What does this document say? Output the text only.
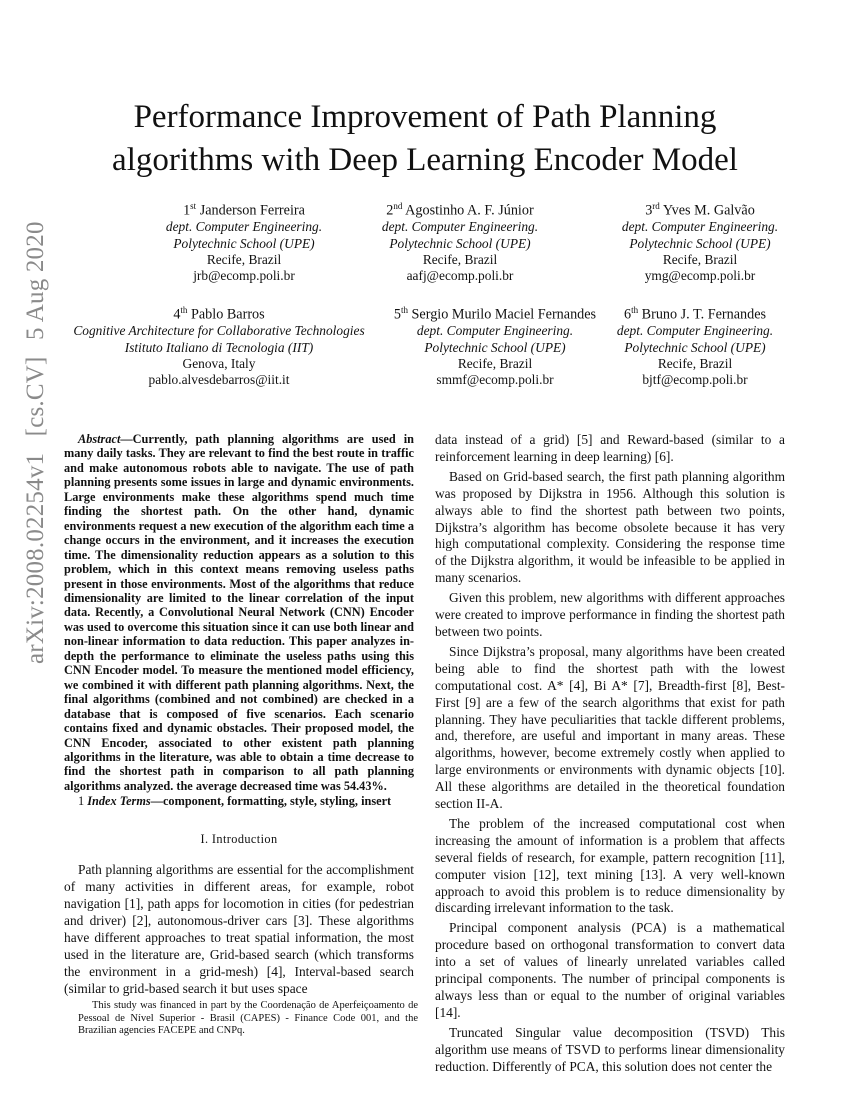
arXiv:2008.02254v1 [cs.CV] 5 Aug 2020
Performance Improvement of Path Planning
algorithms with Deep Learning Encoder Model
1st Janderson Ferreira
dept. Computer Engineering.
Polytechnic School (UPE)
Recife, Brazil
jrb@ecomp.poli.br
2nd Agostinho A. F. Júnior
dept. Computer Engineering.
Polytechnic School (UPE)
Recife, Brazil
aafj@ecomp.poli.br
3rd Yves M. Galvão
dept. Computer Engineering.
Polytechnic School (UPE)
Recife, Brazil
ymg@ecomp.poli.br
4th Pablo Barros
Cognitive Architecture for Collaborative Technologies
Istituto Italiano di Tecnologia (IIT)
Genova, Italy
pablo.alvesdebarros@iit.it
5th Sergio Murilo Maciel Fernandes
dept. Computer Engineering.
Polytechnic School (UPE)
Recife, Brazil
smmf@ecomp.poli.br
6th Bruno J. T. Fernandes
dept. Computer Engineering.
Polytechnic School (UPE)
Recife, Brazil
bjtf@ecomp.poli.br
Abstract—Currently, path planning algorithms are used in many daily tasks. They are relevant to find the best route in traffic and make autonomous robots able to navigate. The use of path planning presents some issues in large and dynamic environments. Large environments make these algorithms spend much time finding the shortest path. On the other hand, dynamic environments request a new execution of the algorithm each time a change occurs in the environment, and it increases the execution time. The dimensionality reduction appears as a solution to this problem, which in this context means removing useless paths present in those environments. Most of the algorithms that reduce dimensionality are limited to the linear correlation of the input data. Recently, a Convolutional Neural Network (CNN) Encoder was used to overcome this situation since it can use both linear and non-linear information to data reduction. This paper analyzes in-depth the performance to eliminate the useless paths using this CNN Encoder model. To measure the mentioned model efficiency, we combined it with different path planning algorithms. Next, the final algorithms (combined and not combined) are checked in a database that is composed of five scenarios. Each scenario contains fixed and dynamic obstacles. Their proposed model, the CNN Encoder, associated to other existent path planning algorithms in the literature, was able to obtain a time decrease to find the shortest path in comparison to all path planning algorithms analyzed. the average decreased time was 54.43%.
1 Index Terms—component, formatting, style, styling, insert
I. Introduction

Path planning algorithms are essential for the accomplishment of many activities in different areas, for example, robot navigation [1], path apps for locomotion in cities (for pedestrian and driver) [2], autonomous-driver cars [3]. These algorithms have different approaches to treat spatial information, the most used in the literature are, Grid-based search (which transforms the environment in a grid-mesh) [4], Interval-based search (similar to grid-based search it but uses space

This study was financed in part by the Coordenação de Aperfeiçoamento de Pessoal de Nível Superior - Brasil (CAPES) - Finance Code 001, and the Brazilian agencies FACEPE and CNPq.

data instead of a grid) [5] and Reward-based (similar to a reinforcement learning in deep learning) [6].

Based on Grid-based search, the first path planning algorithm was proposed by Dijkstra in 1956. Although this solution is always able to find the shortest path between two points, Dijkstra’s algorithm has become obsolete because it has very high computational complexity. Considering the response time of the Dijkstra algorithm, it would be infeasible to be applied in many scenarios.

Given this problem, new algorithms with different approaches were created to improve performance in finding the shortest path between two points.

Since Dijkstra’s proposal, many algorithms have been created being able to find the shortest path with the lowest computational cost. A* [4], Bi A* [7], Breadth-first [8], Best-First [9] are a few of the search algorithms that exist for path planning. They have peculiarities that tackle different problems, and, therefore, are useful and important in many areas. These algorithms, however, become extremely costly when applied to large environments or environments with dynamic objects [10]. All these algorithms are detailed in the theoretical foundation section II-A.

The problem of the increased computational cost when increasing the amount of information is a problem that affects several fields of research, for example, pattern recognition [11], computer vision [12], text mining [13]. A very well-known approach to avoid this problem is to reduce dimensionality by discarding irrelevant information to the task.

Principal component analysis (PCA) is a mathematical procedure based on orthogonal transformation to convert data into a set of values of linearly unrelated variables called principal components. The number of principal components is always less than or equal to the number of original variables [14].

Truncated Singular value decomposition (TSVD) This algorithm use means of TSVD to performs linear dimensionality reduction. Differently of PCA, this solution does not center the
